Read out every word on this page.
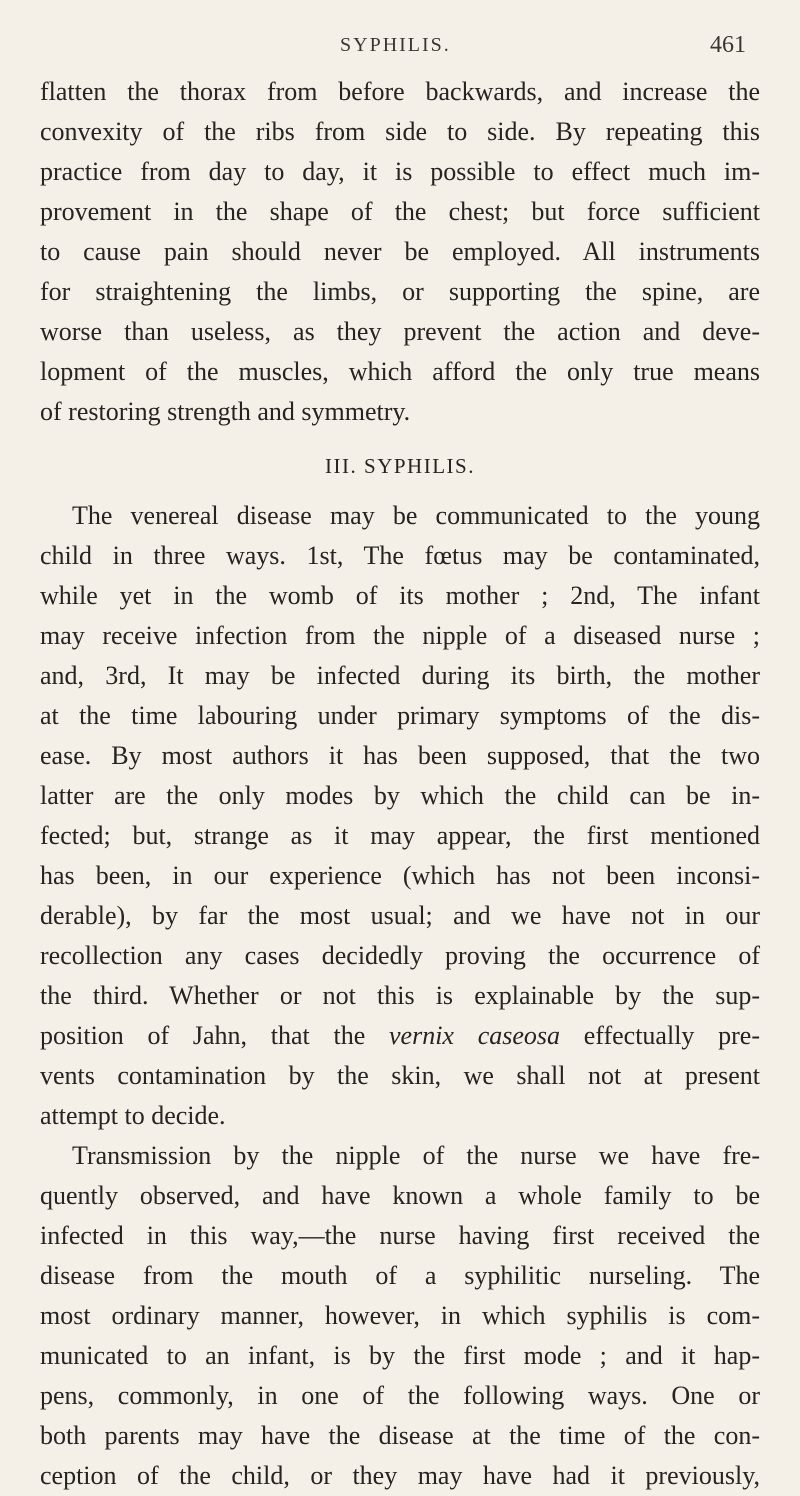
SYPHILIS.	461
flatten the thorax from before backwards, and increase the
convexity of the ribs from side to side. By repeating this
practice from day to day, it is possible to effect much im-
provement in the shape of the chest; but force sufficient
to cause pain should never be employed. All instruments
for straightening the limbs, or supporting the spine, are
worse than useless, as they prevent the action and deve-
lopment of the muscles, which afford the only true means
of restoring strength and symmetry.
III. SYPHILIS.
The venereal disease may be communicated to the young
child in three ways. 1st, The fœtus may be contaminated,
while yet in the womb of its mother ; 2nd, The infant
may receive infection from the nipple of a diseased nurse ;
and, 3rd, It may be infected during its birth, the mother
at the time labouring under primary symptoms of the dis-
ease. By most authors it has been supposed, that the two
latter are the only modes by which the child can be in-
fected; but, strange as it may appear, the first mentioned
has been, in our experience (which has not been inconsi-
derable), by far the most usual; and we have not in our
recollection any cases decidedly proving the occurrence of
the third. Whether or not this is explainable by the sup-
position of Jahn, that the vernix caseosa effectually pre-
vents contamination by the skin, we shall not at present
attempt to decide.
Transmission by the nipple of the nurse we have fre-
quently observed, and have known a whole family to be
infected in this way,—the nurse having first received the
disease from the mouth of a syphilitic nurseling. The
most ordinary manner, however, in which syphilis is com-
municated to an infant, is by the first mode ; and it hap-
pens, commonly, in one of the following ways. One or
both parents may have the disease at the time of the con-
ception of the child, or they may have had it previously,
